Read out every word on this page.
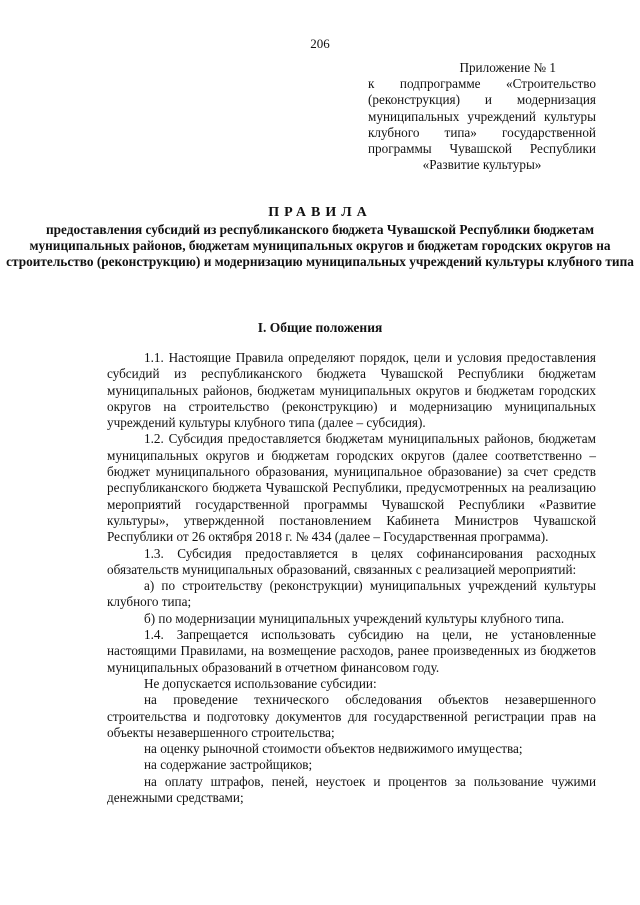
206
Приложение № 1
к подпрограмме «Строительство (реконструкция) и модернизация муниципальных учреждений культуры клубного типа» государственной программы Чувашской Республики «Развитие культуры»
ПРАВИЛА
предоставления субсидий из республиканского бюджета Чувашской Республики бюджетам муниципальных районов, бюджетам муниципальных округов и бюджетам городских округов на строительство (реконструкцию) и модернизацию муниципальных учреждений культуры клубного типа
I. Общие положения

1.1. Настоящие Правила определяют порядок, цели и условия предоставления субсидий из республиканского бюджета Чувашской Республики бюджетам муниципальных районов, бюджетам муниципальных округов и бюджетам городских округов на строительство (реконструкцию) и модернизацию муниципальных учреждений культуры клубного типа (далее – субсидия).

1.2. Субсидия предоставляется бюджетам муниципальных районов, бюджетам муниципальных округов и бюджетам городских округов (далее соответственно – бюджет муниципального образования, муниципальное образование) за счет средств республиканского бюджета Чувашской Республики, предусмотренных на реализацию мероприятий государственной программы Чувашской Республики «Развитие культуры», утвержденной постановлением Кабинета Министров Чувашской Республики от 26 октября 2018 г. № 434 (далее – Государственная программа).

1.3. Субсидия предоставляется в целях софинансирования расходных обязательств муниципальных образований, связанных с реализацией мероприятий:

а) по строительству (реконструкции) муниципальных учреждений культуры клубного типа;

б) по модернизации муниципальных учреждений культуры клубного типа.

1.4. Запрещается использовать субсидию на цели, не установленные настоящими Правилами, на возмещение расходов, ранее произведенных из бюджетов муниципальных образований в отчетном финансовом году.

Не допускается использование субсидии:

на проведение технического обследования объектов незавершенного строительства и подготовку документов для государственной регистрации прав на объекты незавершенного строительства;

на оценку рыночной стоимости объектов недвижимого имущества;

на содержание застройщиков;

на оплату штрафов, пеней, неустоек и процентов за пользование чужими денежными средствами;
